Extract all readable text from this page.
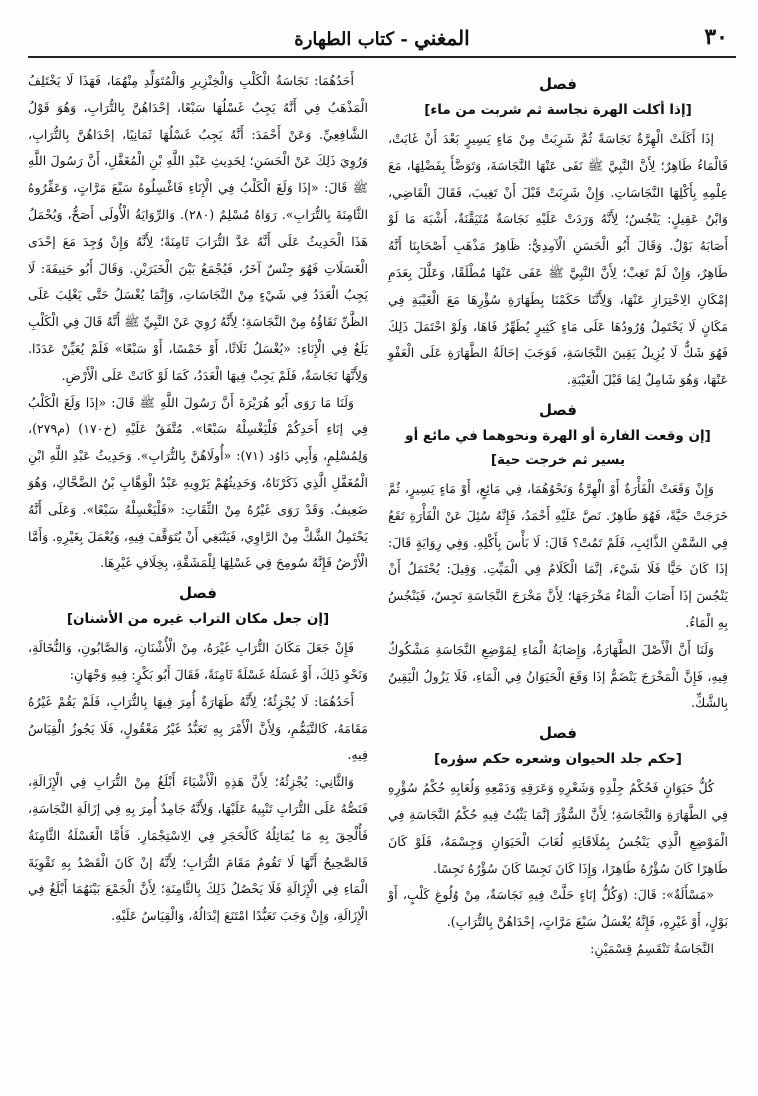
٣٠
المغني - كتاب الطهارة
فصل
[إذا أكلت الهرة نجاسة ثم شربت من ماء]

إذَا أَكَلَتْ الْهِرَّةُ نَجَاسَةً ثُمَّ شَرِبَتْ مِنْ مَاءٍ يَسِيرٍ بَعْدَ أَنْ غَابَتْ، فَالْمَاءُ طَاهِرٌ؛ لِأَنَّ النَّبِيَّ ﷺ نَفَى عَنْهَا النَّجَاسَةَ، وَتَوَضَّأَ بِفَضْلِهَا، مَعَ عِلْمِهِ بِأَكْلِهَا النَّجَاسَاتِ. وَإِنْ شَرِبَتْ قَبْلَ أَنْ تَغِيبَ، فَقَالَ الْقَاضِي، وَابْنُ عَقِيلٍ: يَنْجُسُ؛ لِأَنَّهُ وَرَدَتْ عَلَيْهِ نَجَاسَةٌ مُتَيَقَّنَةٌ، أَشْبَهَ مَا لَوْ أَصَابَهُ بَوْلٌ. وَقَالَ أَبُو الْحَسَنِ الْآمِدِيُّ: ظَاهِرُ مَذْهَبِ أَصْحَابِنَا أَنَّهُ طَاهِرٌ، وَإِنْ لَمْ تَغِبْ؛ لِأَنَّ النَّبِيَّ ﷺ عَفَى عَنْهَا مُطْلَقًا، وَعَلَّلَ بِعَدَمِ إمْكَانِ الِاحْتِرَازِ عَنْهَا، وَلِأَنَّنَا حَكَمْنَا بِطَهَارَةِ سُؤْرِهَا مَعَ الْغَيْبَةِ فِي مَكَانٍ لَا يَحْتَمِلُ وُرُودُهَا عَلَى مَاءٍ كَثِيرٍ يُطَهِّرُ فَاهَا، وَلَوْ احْتَمَلَ ذَلِكَ فَهُوَ شَكٌّ لَا يُزِيلُ يَقِينَ النَّجَاسَةِ، فَوَجَبَ إحَالَةُ الطَّهَارَةِ عَلَى الْعَفْوِ عَنْهَا، وَهُوَ شَامِلٌ لِمَا قَبْلَ الْغَيْبَةِ.

فصل
[إن وقعت الفارة أو الهرة ونحوهما في مائع أو يسير ثم خرجت حية]

وَإِنْ وَقَعَتْ الْفَأْرَةُ أَوْ الْهِرَّةُ وَنَحْوُهُمَا، فِي مَائِعٍ، أَوْ مَاءٍ يَسِيرٍ، ثُمَّ خَرَجَتْ حَيَّةً، فَهُوَ طَاهِرٌ. نَصَّ عَلَيْهِ أَحْمَدُ، فَإِنَّهُ سُئِلَ عَنْ الْفَأْرَةِ تَقَعُ فِي السَّمْنِ الذَّائِبِ، فَلَمْ تَمُتْ؟ قَالَ: لَا بَأْسَ بِأَكْلِهِ. وَفِي رِوَايَةٍ قَالَ: إذَا كَانَ حَيًّا فَلَا شَيْءَ، إنَّمَا الْكَلَامُ فِي الْمَيِّتِ. وَقِيلَ: يُحْتَمَلُ أَنْ يَنْجُسَ إذَا أَصَابَ الْمَاءُ مَخْرَجَهَا؛ لِأَنَّ مَخْرَجَ النَّجَاسَةِ نَجِسٌ، فَيَنْجُسُ بِهِ الْمَاءُ.

وَلَنَا أَنَّ الْأَصْلَ الطَّهَارَةُ، وَإِصَابَةُ الْمَاءِ لِمَوْضِعِ النَّجَاسَةِ مَشْكُوكٌ فِيهِ، فَإِنَّ الْمَخْرَجَ يَنْضَمُّ إذَا وَقَعَ الْحَيَوَانُ فِي الْمَاءِ، فَلَا يَزُولُ الْيَقِينُ بِالشَّكِّ.

فصل
[حكم جلد الحيوان وشعره حكم سؤره]

كُلُّ حَيَوَانٍ فَحُكْمُ جِلْدِهِ وَشَعْرِهِ وَعَرَقِهِ وَدَمْعِهِ وَلُعَابِهِ حُكْمُ سُؤْرِهِ فِي الطَّهَارَةِ وَالنَّجَاسَةِ؛ لِأَنَّ السُّؤْرَ إنَّمَا يَثْبُتُ فِيهِ حُكْمُ النَّجَاسَةِ فِي الْمَوْضِعِ الَّذِي يَنْجُسُ بِمُلَاقَاتِهِ لُعَابَ الْحَيَوَانِ وَجِسْمَهُ، فَلَوْ كَانَ طَاهِرًا كَانَ سُؤْرُهُ طَاهِرًا، وَإِذَا كَانَ نَجِسًا كَانَ سُؤْرُهُ نَجِسًا.

«مَسْأَلَةٌ»: قَالَ: (وَكُلُّ إنَاءٍ حَلَّتْ فِيهِ نَجَاسَةٌ، مِنْ وُلُوغِ كَلْبٍ، أَوْ بَوْلٍ، أَوْ غَيْرِهِ، فَإِنَّهُ يُغْسَلُ سَبْعَ مَرَّاتٍ، إحْدَاهُنَّ بِالتُّرَابِ).

النَّجَاسَةُ تَنْقَسِمُ قِسْمَيْنِ:

أَحَدُهُمَا: نَجَاسَةُ الْكَلْبِ وَالْخِنْزِيرِ وَالْمُتَوَلِّدِ مِنْهُمَا، فَهَذَا لَا يَخْتَلِفُ الْمَذْهَبُ فِي أَنَّهُ يَجِبُ غَسْلُهَا سَبْعًا، إحْدَاهُنَّ بِالتُّرَابِ، وَهُوَ قَوْلُ الشَّافِعِيِّ. وَعَنْ أَحْمَدَ: أَنَّهُ يَجِبُ غَسْلُهَا ثَمَانِيًا، إحْدَاهُنَّ بِالتُّرَابِ، وَرُوِيَ ذَلِكَ عَنْ الْحَسَنِ؛ لِحَدِيثِ عَبْدِ اللَّهِ بْنِ الْمُغَفَّلِ، أَنَّ رَسُولَ اللَّهِ ﷺ قَالَ: «إذَا وَلَغَ الْكَلْبُ فِي الْإِنَاءِ فَاغْسِلُوهُ سَبْعَ مَرَّاتٍ، وَعَفِّرُوهُ الثَّامِنَةَ بِالتُّرَابِ». رَوَاهُ مُسْلِمٌ (٢٨٠). وَالرِّوَايَةُ الْأُولَى أَصَحُّ، وَيُحْمَلُ هَذَا الْحَدِيثُ عَلَى أَنَّهُ عَدَّ التُّرَابَ ثَامِنَةً؛ لِأَنَّهُ وَإِنْ وُجِدَ مَعَ إحْدَى الْغَسَلَاتِ فَهُوَ جِنْسٌ آخَرُ، فَيُجْمَعُ بَيْنَ الْخَبَرَيْنِ. وَقَالَ أَبُو حَنِيفَةَ: لَا يَجِبُ الْعَدَدُ فِي شَيْءٍ مِنْ النَّجَاسَاتِ، وَإِنَّمَا يُغْسَلُ حَتَّى يَغْلِبَ عَلَى الظَّنِّ نَقَاؤُهُ مِنْ النَّجَاسَةِ؛ لِأَنَّهُ رُوِيَ عَنْ النَّبِيِّ ﷺ أَنَّهُ قَالَ فِي الْكَلْبِ يَلَغُ فِي الْإِنَاءِ: «يُغْسَلُ ثَلَاثًا، أَوْ خَمْسًا، أَوْ سَبْعًا» فَلَمْ يُعَيِّنْ عَدَدًا. وَلِأَنَّهَا نَجَاسَةٌ، فَلَمْ يَجِبْ فِيهَا الْعَدَدُ، كَمَا لَوْ كَانَتْ عَلَى الْأَرْضِ.

وَلَنَا مَا رَوَى أَبُو هُرَيْرَةَ أَنَّ رَسُولَ اللَّهِ ﷺ قَالَ: «إذَا وَلَغَ الْكَلْبُ فِي إنَاءِ أَحَدِكُمْ فَلْيَغْسِلْهُ سَبْعًا». مُتَّفَقٌ عَلَيْهِ (خ١٧٠) (م٢٧٩)، وَلِمُسْلِمٍ، وَأَبِي دَاوُد (٧١): «أُولَاهُنَّ بِالتُّرَابِ». وَحَدِيثُ عَبْدِ اللَّهِ ابْنِ الْمُغَفَّلِ الَّذِي ذَكَرْنَاهُ، وَحَدِيثُهُمْ يَرْوِيهِ عَبْدُ الْوَهَّابِ بْنُ الضَّحَّاكِ، وَهُوَ ضَعِيفٌ. وَقَدْ رَوَى غَيْرُهُ مِنْ الثِّقَاتِ: «فَلْيَغْسِلْهُ سَبْعًا». وَعَلَى أَنَّهُ يَحْتَمِلُ الشَّكَّ مِنْ الرَّاوِي، فَيَنْبَغِي أَنْ يُتَوَقَّفَ فِيهِ، وَيُعْمَلَ بِغَيْرِهِ. وَأَمَّا الْأَرْضُ فَإِنَّهُ سُومِحَ فِي غَسْلِهَا لِلْمَشَقَّةِ، بِخِلَافِ غَيْرِهَا.

فصل
[إن جعل مكان التراب غيره من الأشنان]

فَإِنْ جَعَلَ مَكَانَ التُّرَابِ غَيْرَهُ، مِنْ الْأُشْنَانِ، وَالصَّابُونِ، وَالنُّخَالَةِ، وَنَحْوِ ذَلِكَ، أَوْ غَسَلَهُ غَسْلَةً ثَامِنَةً، فَقَالَ أَبُو بَكْرٍ: فِيهِ وَجْهَانِ:

أَحَدُهُمَا: لَا يُجْزِئُهُ؛ لِأَنَّهُ طَهَارَةٌ أُمِرَ فِيهَا بِالتُّرَابِ، فَلَمْ يَقُمْ غَيْرُهُ مَقَامَهُ، كَالتَّيَمُّمِ، وَلِأَنَّ الْأَمْرَ بِهِ تَعَبُّدٌ غَيْرُ مَعْقُولٍ، فَلَا يَجُوزُ الْقِيَاسُ فِيهِ.

وَالثَّانِي: يُجْزِئُهُ؛ لِأَنَّ هَذِهِ الْأَشْيَاءَ أَبْلَغُ مِنْ التُّرَابِ فِي الْإِزَالَةِ، فَنَصُّهُ عَلَى التُّرَابِ تَنْبِيهٌ عَلَيْهَا، وَلِأَنَّهُ جَامِدٌ أُمِرَ بِهِ فِي إزَالَةِ النَّجَاسَةِ، فَأُلْحِقَ بِهِ مَا يُمَاثِلُهُ كَالْحَجَرِ فِي الِاسْتِجْمَارِ. فَأَمَّا الْغَسْلَةُ الثَّامِنَةُ فَالصَّحِيحُ أَنَّهَا لَا تَقُومُ مَقَامَ التُّرَابِ؛ لِأَنَّهُ إنْ كَانَ الْقَصْدُ بِهِ تَقْوِيَةَ الْمَاءِ فِي الْإِزَالَةِ فَلَا يَحْصُلُ ذَلِكَ بِالثَّامِنَةِ؛ لِأَنَّ الْجَمْعَ بَيْنَهُمَا أَبْلَغُ فِي الْإِزَالَةِ، وَإِنْ وَجَبَ تَعَبُّدًا امْتَنَعَ إبْدَالُهُ، وَالْقِيَاسُ عَلَيْهِ.
